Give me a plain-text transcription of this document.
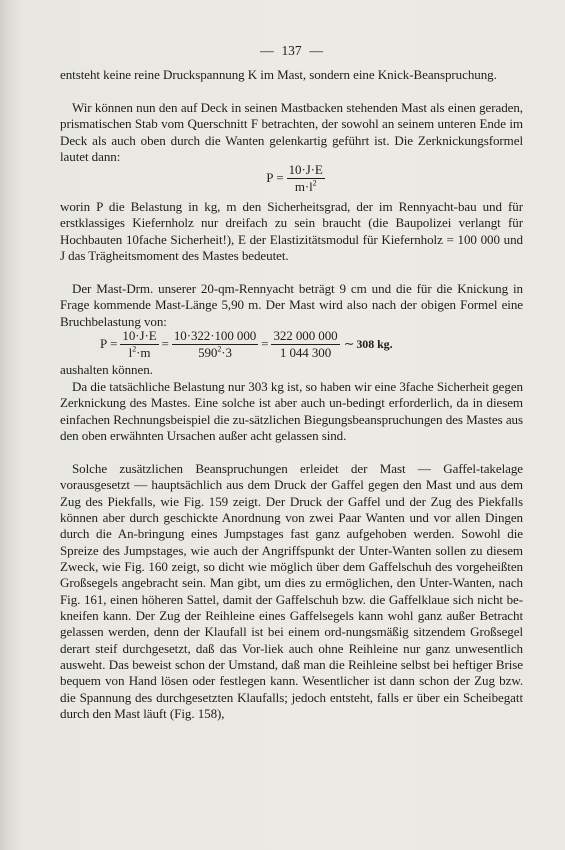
— 137 —

entsteht keine reine Druckspannung K im Mast, sondern eine Knick-Beanspruchung.

Wir können nun den auf Deck in seinen Mastbacken stehenden Mast als einen geraden, prismatischen Stab vom Querschnitt F betrachten, der sowohl an seinem unteren Ende im Deck als auch oben durch die Wanten gelenkartig geführt ist. Die Zerknickungsformel lautet dann:

$P = \frac{10\cdot J\cdot E}{m\cdot l^2}$

worin P die Belastung in kg, m den Sicherheitsgrad, der im Rennyacht-bau und für erstklassiges Kiefernholz nur dreifach zu sein braucht (die Baupolizei verlangt für Hochbauten 10fache Sicherheit!), E der Elastizitätsmodul für Kiefernholz = 100 000 und J das Trägheitsmoment des Mastes bedeutet.

Der Mast-Drm. unserer 20-qm-Rennyacht beträgt 9 cm und die für die Knickung in Frage kommende Mast-Länge 5,90 m. Der Mast wird also nach der obigen Formel eine Bruchbelastung von:

$P = \frac{10\cdot J\cdot E}{l^2\cdot m} = \frac{10\cdot 322\cdot 100 000}{590^2\cdot 3} = \frac{322 000 000}{1 044 300}$ ∼ 308 kg.

aushalten können.

Da die tatsächliche Belastung nur 303 kg ist, so haben wir eine 3fache Sicherheit gegen Zerknickung des Mastes. Eine solche ist aber auch un-bedingt erforderlich, da in diesem einfachen Rechnungsbeispiel die zu-sätzlichen Biegungsbeanspruchungen des Mastes aus den oben erwähnten Ursachen außer acht gelassen sind.

Solche zusätzlichen Beanspruchungen erleidet der Mast — Gaffel-takelage vorausgesetzt — hauptsächlich aus dem Druck der Gaffel gegen den Mast und aus dem Zug des Piekfalls, wie Fig. 159 zeigt. Der Druck der Gaffel und der Zug des Piekfalls können aber durch geschickte Anordnung von zwei Paar Wanten und vor allen Dingen durch die An-bringung eines Jumpstages fast ganz aufgehoben werden. Sowohl die Spreize des Jumpstages, wie auch der Angriffspunkt der Unter-Wanten sollen zu diesem Zweck, wie Fig. 160 zeigt, so dicht wie möglich über dem Gaffelschuh des vorgeheißten Großsegels angebracht sein. Man gibt, um dies zu ermöglichen, den Unter-Wanten, nach Fig. 161, einen höheren Sattel, damit der Gaffelschuh bzw. die Gaffelklaue sich nicht be-kneifen kann. Der Zug der Reihleine eines Gaffelsegels kann wohl ganz außer Betracht gelassen werden, denn der Klaufall ist bei einem ord-nungsmäßig sitzendem Großsegel derart steif durchgesetzt, daß das Vor-liek auch ohne Reihleine nur ganz unwesentlich ausweht. Das beweist schon der Umstand, daß man die Reihleine selbst bei heftiger Brise bequem von Hand lösen oder festlegen kann. Wesentlicher ist dann schon der Zug bzw. die Spannung des durchgesetzten Klaufalls; jedoch entsteht, falls er über ein Scheibegatt durch den Mast läuft (Fig. 158),
